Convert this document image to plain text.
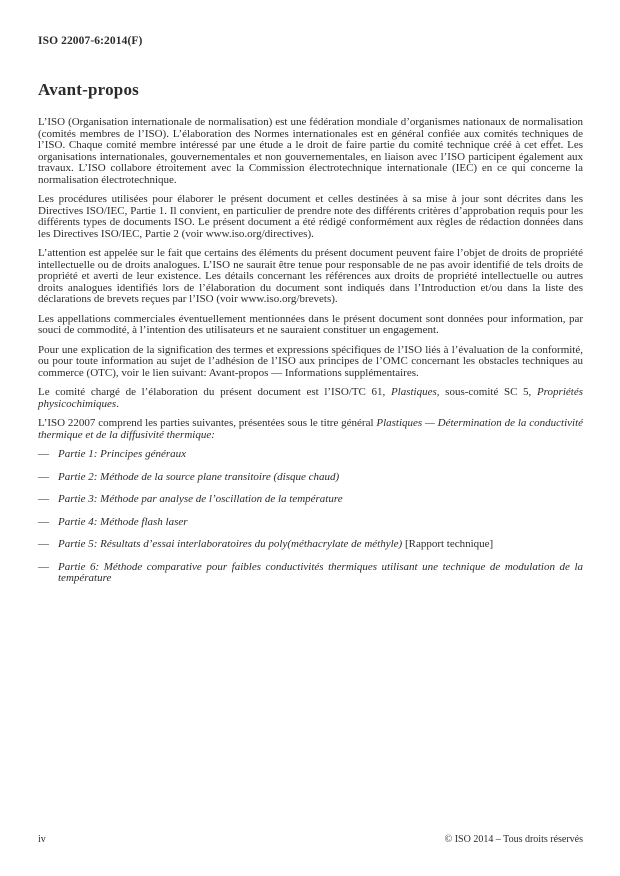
ISO 22007-6:2014(F)
Avant-propos

L’ISO (Organisation internationale de normalisation) est une fédération mondiale d’organismes nationaux de normalisation (comités membres de l’ISO). L’élaboration des Normes internationales est en général confiée aux comités techniques de l’ISO. Chaque comité membre intéressé par une étude a le droit de faire partie du comité technique créé à cet effet. Les organisations internationales, gouvernementales et non gouvernementales, en liaison avec l’ISO participent également aux travaux. L’ISO collabore étroitement avec la Commission électrotechnique internationale (IEC) en ce qui concerne la normalisation électrotechnique.

Les procédures utilisées pour élaborer le présent document et celles destinées à sa mise à jour sont décrites dans les Directives ISO/IEC, Partie 1. Il convient, en particulier de prendre note des différents critères d’approbation requis pour les différents types de documents ISO. Le présent document a été rédigé conformément aux règles de rédaction données dans les Directives ISO/IEC, Partie 2 (voir www.iso.org/directives).

L’attention est appelée sur le fait que certains des éléments du présent document peuvent faire l’objet de droits de propriété intellectuelle ou de droits analogues. L’ISO ne saurait être tenue pour responsable de ne pas avoir identifié de tels droits de propriété et averti de leur existence. Les détails concernant les références aux droits de propriété intellectuelle ou autres droits analogues identifiés lors de l’élaboration du document sont indiqués dans l’Introduction et/ou dans la liste des déclarations de brevets reçues par l’ISO (voir www.iso.org/brevets).

Les appellations commerciales éventuellement mentionnées dans le présent document sont données pour information, par souci de commodité, à l’intention des utilisateurs et ne sauraient constituer un engagement.

Pour une explication de la signification des termes et expressions spécifiques de l’ISO liés à l’évaluation de la conformité, ou pour toute information au sujet de l’adhésion de l’ISO aux principes de l’OMC concernant les obstacles techniques au commerce (OTC), voir le lien suivant: Avant-propos — Informations supplémentaires.

Le comité chargé de l’élaboration du présent document est l’ISO/TC 61, Plastiques, sous-comité SC 5, Propriétés physicochimiques.

L’ISO 22007 comprend les parties suivantes, présentées sous le titre général Plastiques — Détermination de la conductivité thermique et de la diffusivité thermique:

— Partie 1: Principes généraux
— Partie 2: Méthode de la source plane transitoire (disque chaud)
— Partie 3: Méthode par analyse de l’oscillation de la température
— Partie 4: Méthode flash laser
— Partie 5: Résultats d’essai interlaboratoires du poly(méthacrylate de méthyle) [Rapport technique]
— Partie 6: Méthode comparative pour faibles conductivités thermiques utilisant une technique de modulation de la température
iv	© ISO 2014 – Tous droits réservés
